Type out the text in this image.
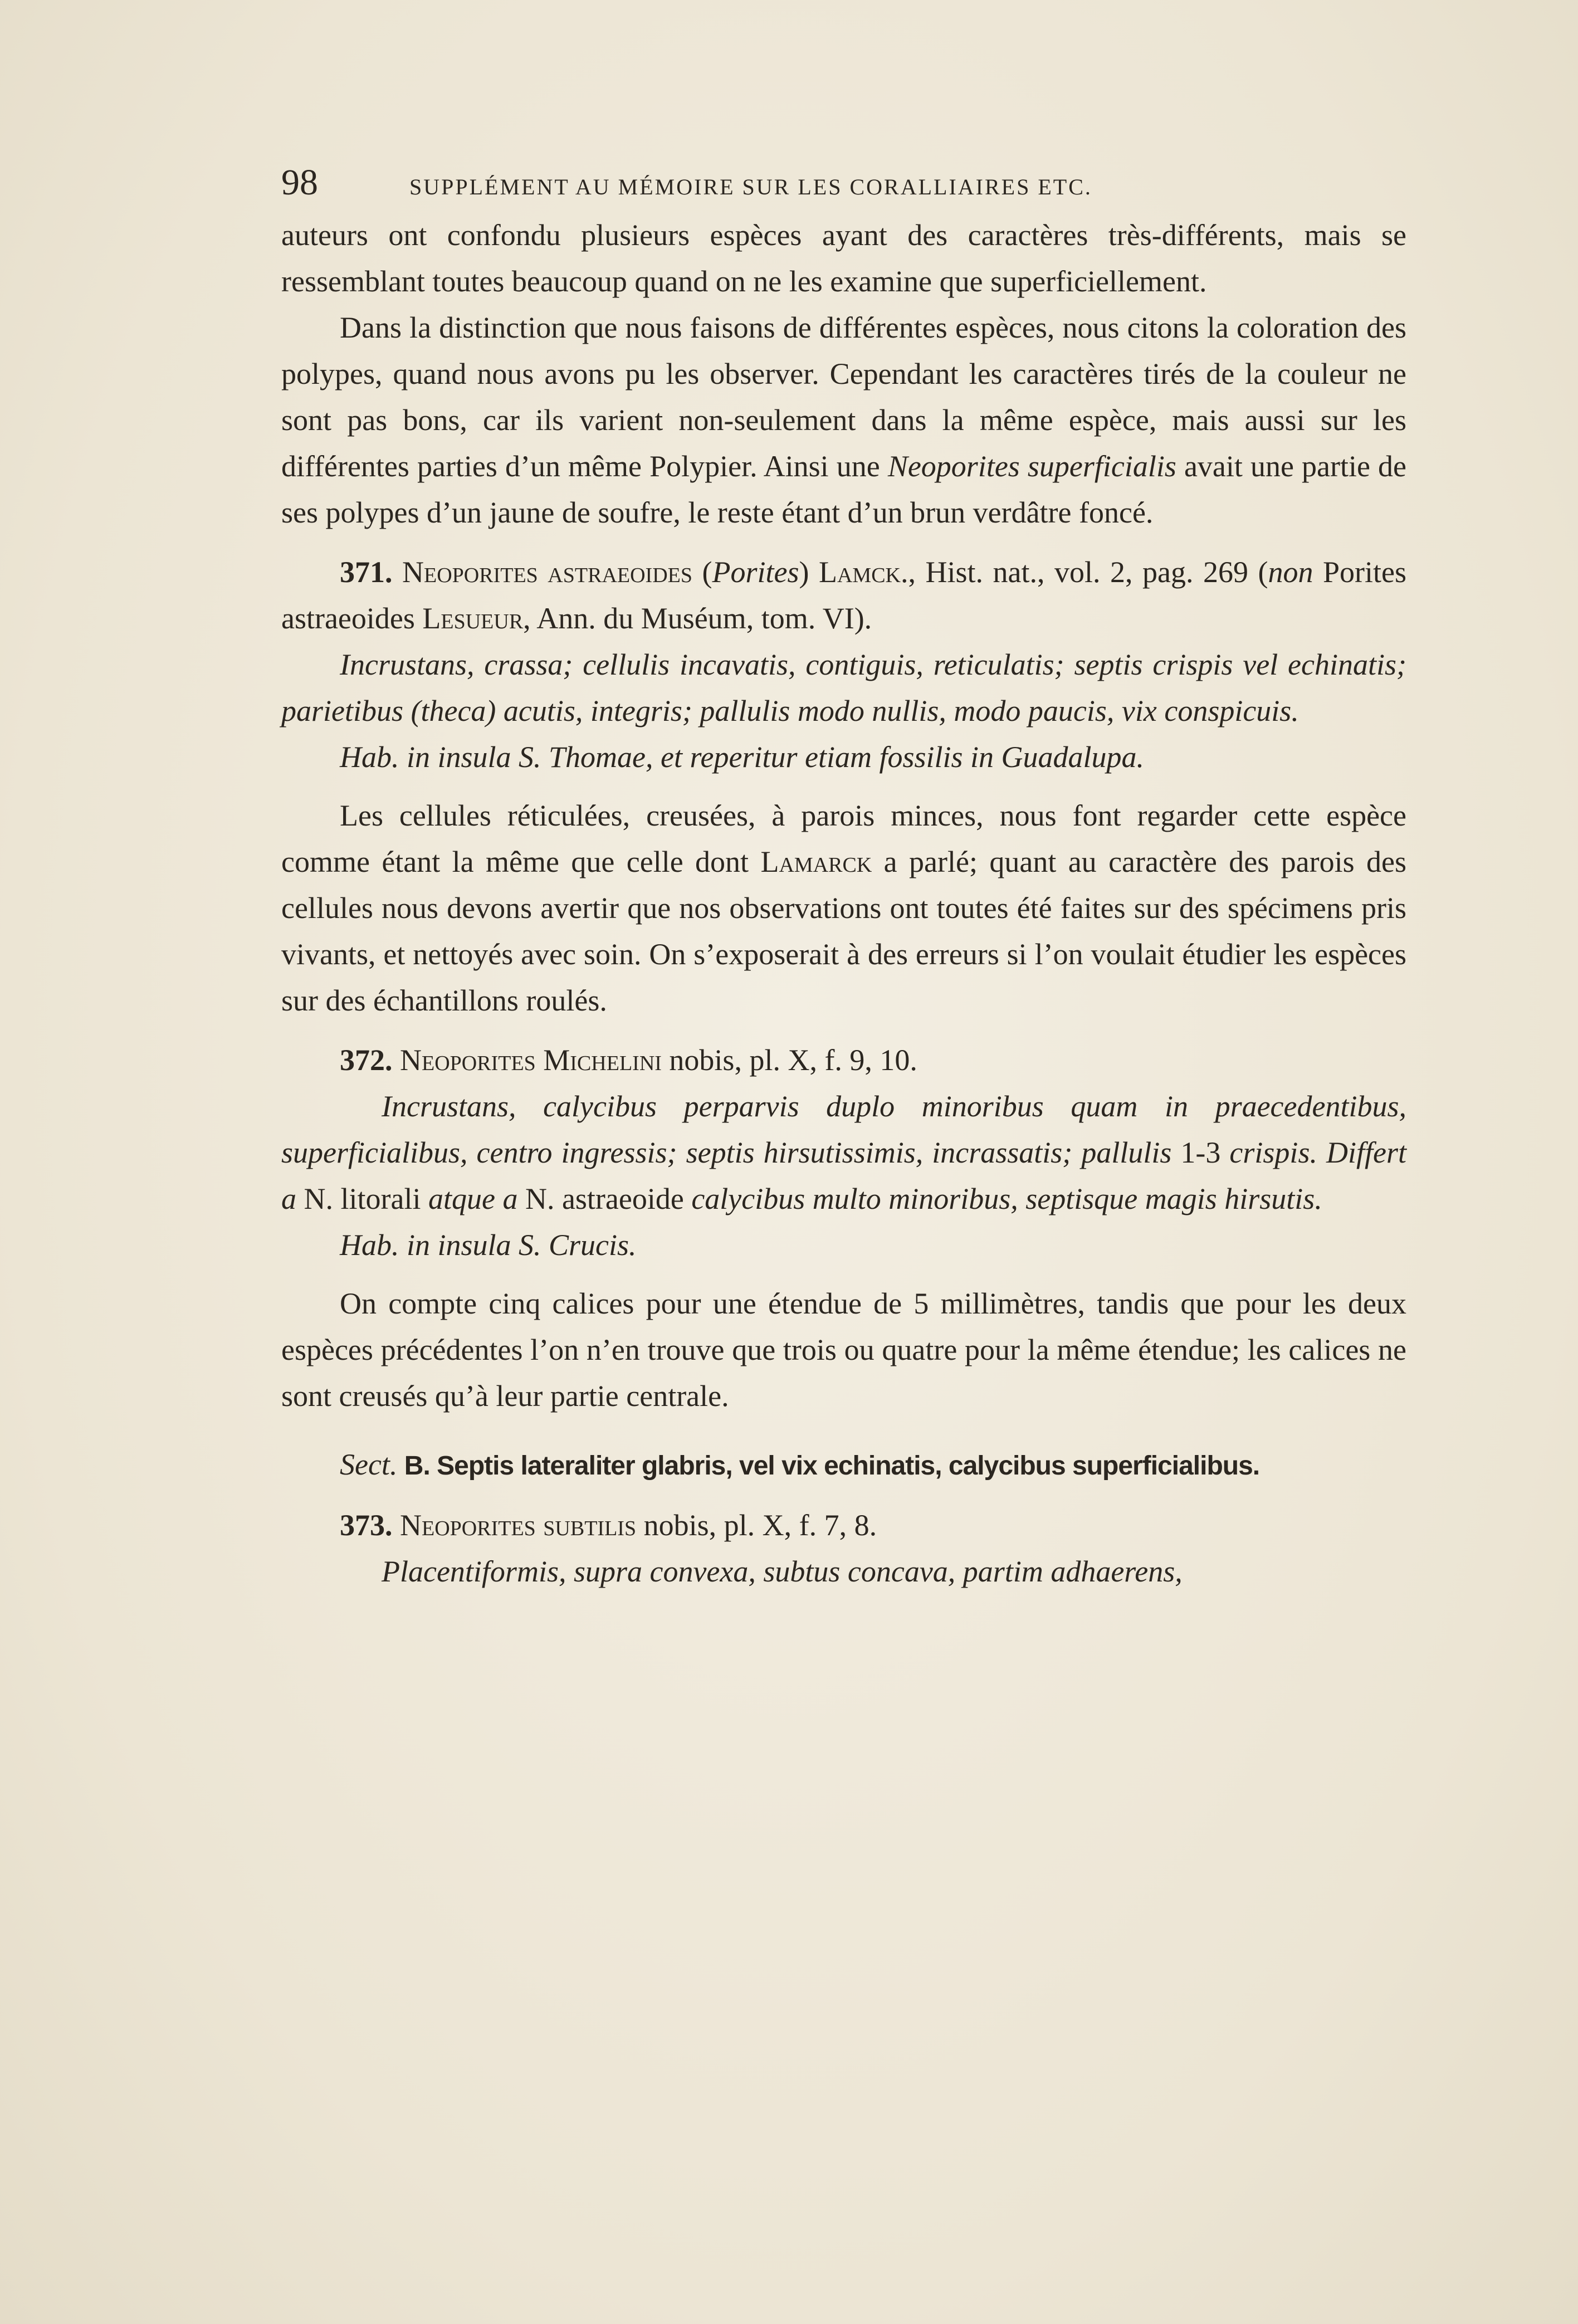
98	SUPPLÉMENT AU MÉMOIRE SUR LES CORALLIAIRES ETC.

auteurs ont confondu plusieurs espèces ayant des caractères très-différents, mais se ressemblant toutes beaucoup quand on ne les examine que superficiellement.

Dans la distinction que nous faisons de différentes espèces, nous citons la coloration des polypes, quand nous avons pu les observer. Cependant les caractères tirés de la couleur ne sont pas bons, car ils varient non-seulement dans la même espèce, mais aussi sur les différentes parties d’un même Polypier. Ainsi une Neoporites superficialis avait une partie de ses polypes d’un jaune de soufre, le reste étant d’un brun verdâtre foncé.

371. Neoporites astraeoides (Porites) Lamck., Hist. nat., vol. 2, pag. 269 (non Porites astraeoides Lesueur, Ann. du Muséum, tom. VI).

Incrustans, crassa; cellulis incavatis, contiguis, reticulatis; septis crispis vel echinatis; parietibus (theca) acutis, integris; pallulis modo nullis, modo paucis, vix conspicuis.

Hab. in insula S. Thomae, et reperitur etiam fossilis in Guadalupa.

Les cellules réticulées, creusées, à parois minces, nous font regarder cette espèce comme étant la même que celle dont Lamarck a parlé; quant au caractère des parois des cellules nous devons avertir que nos observations ont toutes été faites sur des spécimens pris vivants, et nettoyés avec soin. On s’exposerait à des erreurs si l’on voulait étudier les espèces sur des échantillons roulés.

372. Neoporites Michelini nobis, pl. X, f. 9, 10.

Incrustans, calycibus perparvis duplo minoribus quam in praecedentibus, superficialibus, centro ingressis; septis hirsutissimis, incrassatis; pallulis 1-3 crispis. Differt a N. litorali atque a N. astraeoide calycibus multo minoribus, septisque magis hirsutis.

Hab. in insula S. Crucis.

On compte cinq calices pour une étendue de 5 millimètres, tandis que pour les deux espèces précédentes l’on n’en trouve que trois ou quatre pour la même étendue; les calices ne sont creusés qu’à leur partie centrale.

Sect. B. Septis lateraliter glabris, vel vix echinatis, calycibus superficialibus.

373. Neoporites subtilis nobis, pl. X, f. 7, 8.

Placentiformis, supra convexa, subtus concava, partim adhaerens,
